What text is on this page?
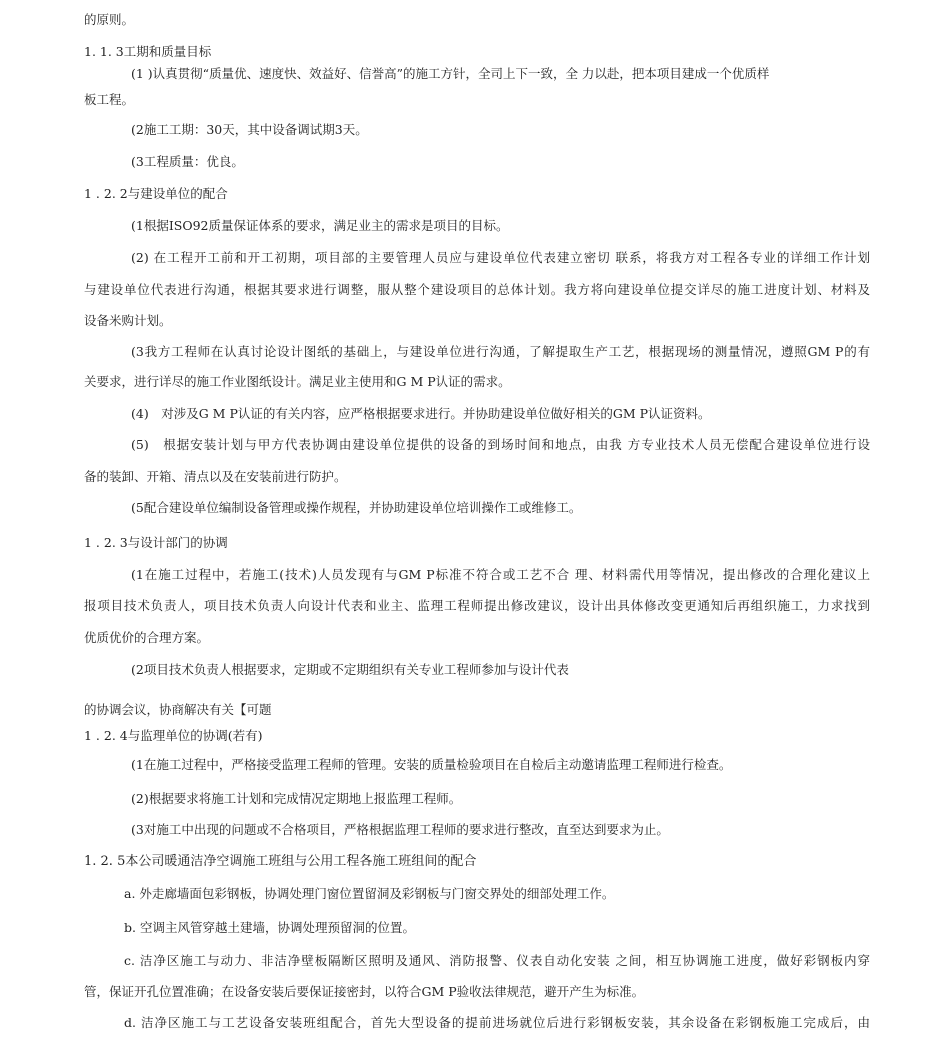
的原则。
1. 1. 3工期和质量目标
(1 )认真贯彻“质量优、速度快、效益好、信誉高”的施工方针，全司上下一致，全 力以赴，把本项目建成一个优质样
板工程。
(2施工工期：30天，其中设备调试期3天。
(3工程质量：优良。
1 . 2. 2与建设单位的配合
(1根据ISO92质量保证体系的要求，满足业主的需求是项目的目标。
(2) 在工程开工前和开工初期，项目部的主要管理人员应与建设单位代表建立密切 联系，将我方对工程各专业的详细工作计划
与建设单位代表进行沟通，根据其要求进行调整，服从整个建设项目的总体计划。我方将向建设单位提交详尽的施工进度计划、材料及
设备米购计划。
(3我方工程师在认真讨论设计图纸的基础上，与建设单位进行沟通，了解提取生产工艺，根据现场的测量情况，遵照GM P的有
关要求，进行详尽的施工作业图纸设计。满足业主使用和G M P认证的需求。
(4)　对涉及G M P认证的有关内容，应严格根据要求进行。并协助建设单位做好相关的GM P认证资料。
(5)　根据安装计划与甲方代表协调由建设单位提供的设备的到场时间和地点，由我 方专业技术人员无偿配合建设单位进行设
备的装卸、开箱、清点以及在安装前进行防护。
(5配合建设单位编制设备管理或操作规程，并协助建设单位培训操作工或维修工。
1 . 2. 3与设计部门的协调
(1在施工过程中，若施工(技术)人员发现有与GM P标准不符合或工艺不合 理、材料需代用等情况，提出修改的合理化建议上
报项目技术负责人，项目技术负责人向设计代表和业主、监理工程师提出修改建议，设计出具体修改变更通知后再组织施工，力求找到
优质优价的合理方案。
(2项目技术负责人根据要求，定期或不定期组织有关专业工程师参加与设计代表
的协调会议，协商解决有关【可题
1 . 2. 4与监理单位的协调(若有)
(1在施工过程中，严格接受监理工程师的管理。安装的质量检验项目在自检后主动邀请监理工程师进行检查。
(2)根据要求将施工计划和完成情况定期地上报监理工程师。
(3对施工中出现的问题或不合格项目，严格根据监理工程师的要求进行整改，直至达到要求为止。
1. 2. 5本公司暖通洁净空调施工班组与公用工程各施工班组间的配合
a. 外走廊墙面包彩钢板，协调处理门窗位置留洞及彩钢板与门窗交界处的细部处理工作。
b. 空调主风管穿越土建墙，协调处理预留洞的位置。
c. 洁净区施工与动力、非洁净壁板隔断区照明及通风、消防报警、仪表自动化安装 之间，相互协调施工进度，做好彩钢板内穿
管，保证开孔位置准确；在设备安装后要保证接密封，以符合GM P验收法律规范，避开产生为标准。
d. 洁净区施工与工艺设备安装班组配合，首先大型设备的提前进场就位后进行彩钢板安装，其余设备在彩钢板施工完成后，由
